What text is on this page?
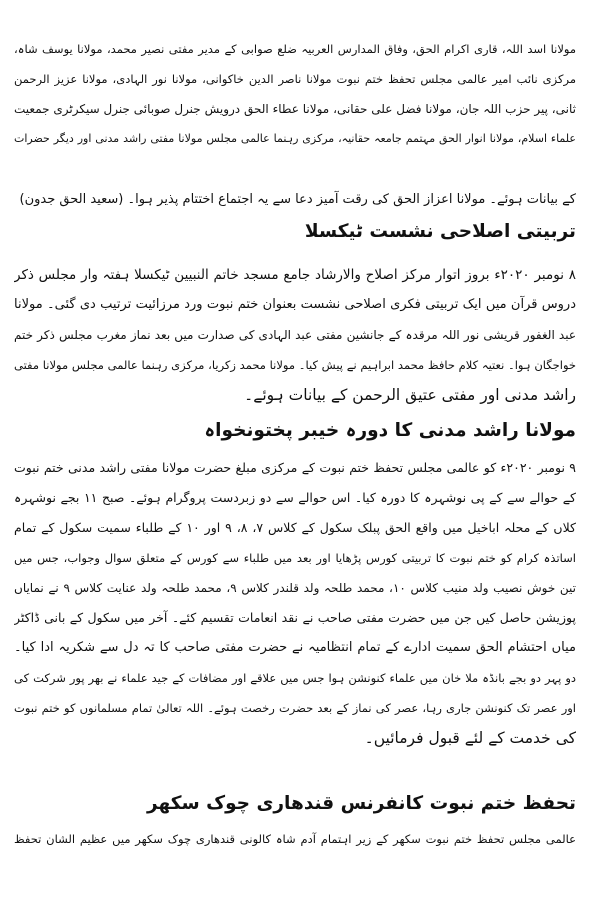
مولانا اسد اللہ، قاری اکرام الحق، وفاق المدارس العربیہ ضلع صوابی کے مدیر مفتی نصیر محمد، مولانا یوسف شاہ،
مرکزی نائب امیر عالمی مجلس تحفظ ختم نبوت مولانا ناصر الدین خاکوانی، مولانا نور الہادی، مولانا عزیز الرحمن
ثانی، پیر حزب اللہ جان، مولانا فضل علی حقانی، مولانا عطاء الحق درویش جنرل صوبائی جنرل سیکرٹری جمعیت
علماء اسلام، مولانا انوار الحق مہتمم جامعہ حقانیہ، مرکزی رہنما عالمی مجلس مولانا مفتی راشد مدنی اور دیگر حضرات
کے بیانات ہوئے۔ مولانا اعزاز الحق کی رقت آمیز دعا سے یہ اجتماع اختتام پذیر ہوا۔ (سعید الحق جدون)
تربیتی اصلاحی نشست ٹیکسلا
۸ نومبر ۲۰۲۰ء بروز اتوار مرکز اصلاح والارشاد جامع مسجد خاتم النبیین ٹیکسلا ہفتہ وار مجلس ذکر
دروس قرآن میں ایک تربیتی فکری اصلاحی نشست بعنوان ختم نبوت ورد مرزائیت ترتیب دی گئی۔ مولانا
عبد الغفور قریشی نور اللہ مرقدہ کے جانشین مفتی عبد الہادی کی صدارت میں بعد نماز مغرب مجلس ذکر ختم
خواجگان ہوا۔ نعتیہ کلام حافظ محمد ابراہیم نے پیش کیا۔ مولانا محمد زکریا، مرکزی رہنما عالمی مجلس مولانا مفتی
راشد مدنی اور مفتی عتیق الرحمن کے بیانات ہوئے۔
مولانا راشد مدنی کا دورہ خیبر پختونخواہ
۹ نومبر ۲۰۲۰ء کو عالمی مجلس تحفظ ختم نبوت کے مرکزی مبلغ حضرت مولانا مفتی راشد مدنی ختم نبوت
کے حوالے سے کے پی نوشہرہ کا دورہ کیا۔ اس حوالے سے دو زبردست پروگرام ہوئے۔ صبح ۱۱ بجے نوشہرہ
کلاں کے محلہ اباخیل میں واقع الحق پبلک سکول کے کلاس ۷، ۸، ۹ اور ۱۰ کے طلباء سمیت سکول کے تمام
اساتذہ کرام کو ختم نبوت کا تربیتی کورس پڑھایا اور بعد میں طلباء سے کورس کے متعلق سوال وجواب، جس میں
تین خوش نصیب ولد منیب کلاس ۱۰، محمد طلحہ ولد قلندر کلاس ۹، محمد طلحہ ولد عنایت کلاس ۹ نے نمایاں
پوزیشن حاصل کیں جن میں حضرت مفتی صاحب نے نقد انعامات تقسیم کئے۔ آخر میں سکول کے بانی ڈاکٹر
میاں احتشام الحق سمیت ادارے کے تمام انتظامیہ نے حضرت مفتی صاحب کا تہ دل سے شکریہ ادا کیا۔
دو پہر دو بجے بانڈہ ملا خان میں علماء کنونشن ہوا جس میں علاقے اور مضافات کے جید علماء نے بھر پور شرکت کی
اور عصر تک کنونشن جاری رہا، عصر کی نماز کے بعد حضرت رخصت ہوئے۔ اللہ تعالیٰ تمام مسلمانوں کو ختم نبوت
کی خدمت کے لئے قبول فرمائیں۔
تحفظ ختم نبوت کانفرنس قندھاری چوک سکھر
عالمی مجلس تحفظ ختم نبوت سکھر کے زیر اہتمام آدم شاہ کالونی قندھاری چوک سکھر میں عظیم الشان تحفظ
